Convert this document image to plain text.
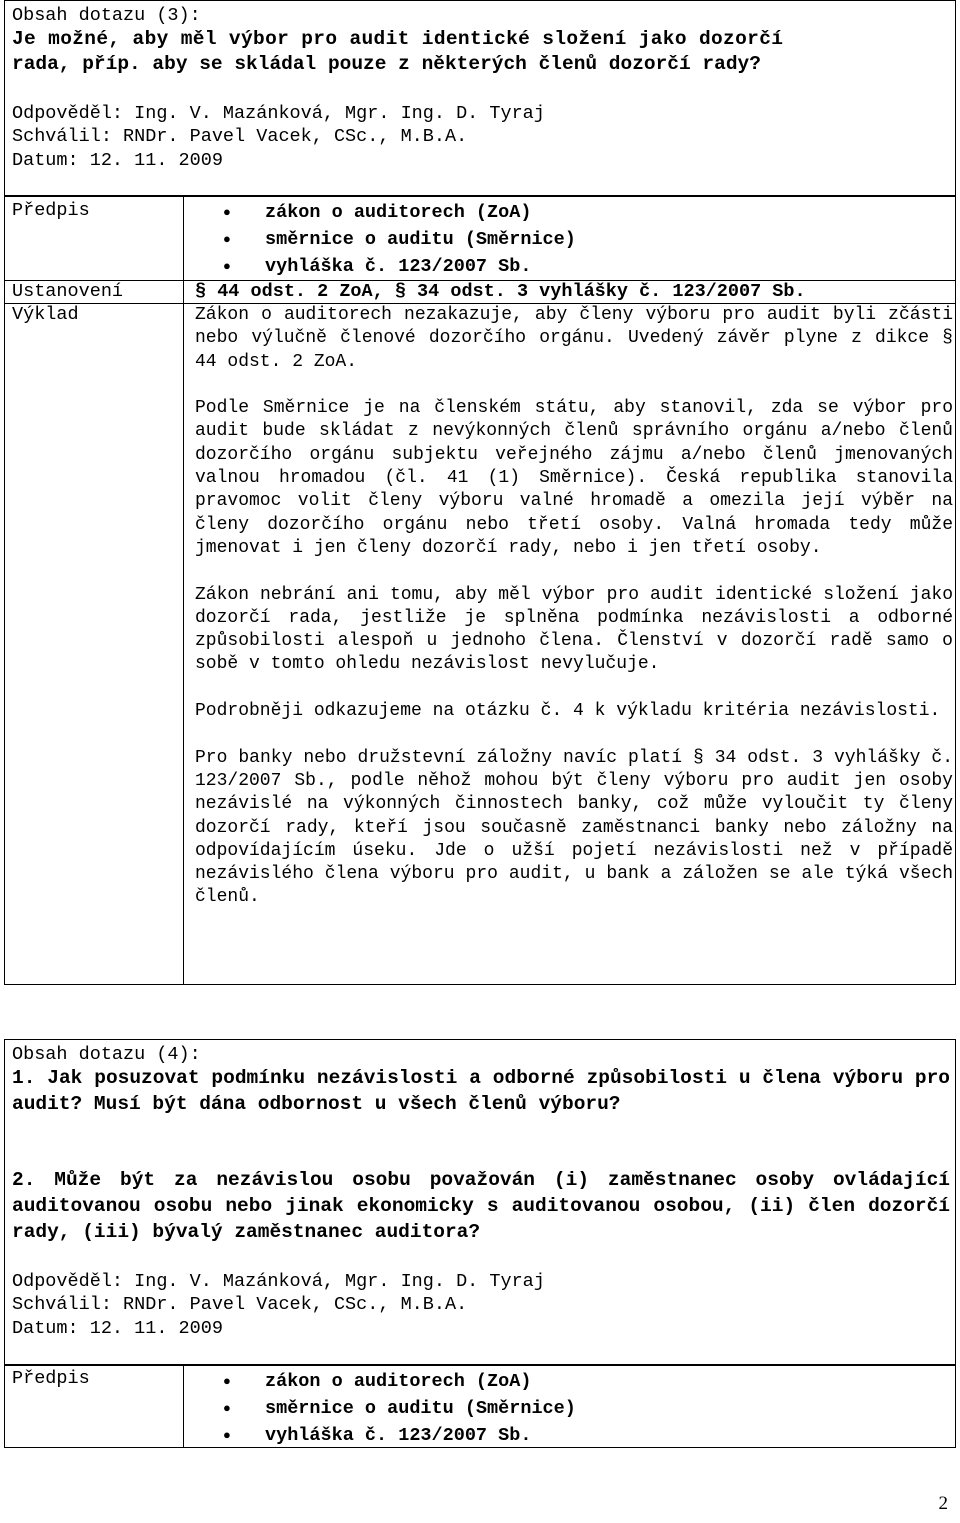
Obsah dotazu (3):
Je možné, aby měl výbor pro audit identické složení jako dozorčí
rada, příp. aby se skládal pouze z některých členů dozorčí rady?
Odpověděl: Ing. V. Mazánková, Mgr. Ing. D. Tyraj
Schválil: RNDr. Pavel Vacek, CSc., M.B.A.
Datum: 12. 11. 2009
Předpis	● zákon o auditorech (ZoA)
● směrnice o auditu (Směrnice)
● vyhláška č. 123/2007 Sb.
Ustanovení	§ 44 odst. 2 ZoA, § 34 odst. 3 vyhlášky č. 123/2007 Sb.
Výklad	Zákon o auditorech nezakazuje, aby členy výboru pro audit byli zčásti nebo výlučně členové dozorčího orgánu. Uvedený závěr plyne z dikce § 44 odst. 2 ZoA.

Podle Směrnice je na členském státu, aby stanovil, zda se výbor pro audit bude skládat z nevýkonných členů správního orgánu a/nebo členů dozorčího orgánu subjektu veřejného zájmu a/nebo členů jmenovaných valnou hromadou (čl. 41 (1) Směrnice). Česká republika stanovila pravomoc volit členy výboru valné hromadě a omezila její výběr na členy dozorčího orgánu nebo třetí osoby. Valná hromada tedy může jmenovat i jen členy dozorčí rady, nebo i jen třetí osoby.

Zákon nebrání ani tomu, aby měl výbor pro audit identické složení jako dozorčí rada, jestliže je splněna podmínka nezávislosti a odborné způsobilosti alespoň u jednoho člena. Členství v dozorčí radě samo o sobě v tomto ohledu nezávislost nevylučuje.

Podrobněji odkazujeme na otázku č. 4 k výkladu kritéria nezávislosti.

Pro banky nebo družstevní záložny navíc platí § 34 odst. 3 vyhlášky č. 123/2007 Sb., podle něhož mohou být členy výboru pro audit jen osoby nezávislé na výkonných činnostech banky, což může vyloučit ty členy dozorčí rady, kteří jsou současně zaměstnanci banky nebo záložny na odpovídajícím úseku. Jde o užší pojetí nezávislosti než v případě nezávislého člena výboru pro audit, u bank a záložen se ale týká všech členů.

Obsah dotazu (4):
1. Jak posuzovat podmínku nezávislosti a odborné způsobilosti u člena výboru pro audit? Musí být dána odbornost u všech členů výboru?
2. Může být za nezávislou osobu považován (i) zaměstnanec osoby ovládající auditovanou osobu nebo jinak ekonomicky s auditovanou osobou, (ii) člen dozorčí rady, (iii) bývalý zaměstnanec auditora?
Odpověděl: Ing. V. Mazánková, Mgr. Ing. D. Tyraj
Schválil: RNDr. Pavel Vacek, CSc., M.B.A.
Datum: 12. 11. 2009
Předpis	● zákon o auditorech (ZoA)
● směrnice o auditu (Směrnice)
● vyhláška č. 123/2007 Sb.
2
